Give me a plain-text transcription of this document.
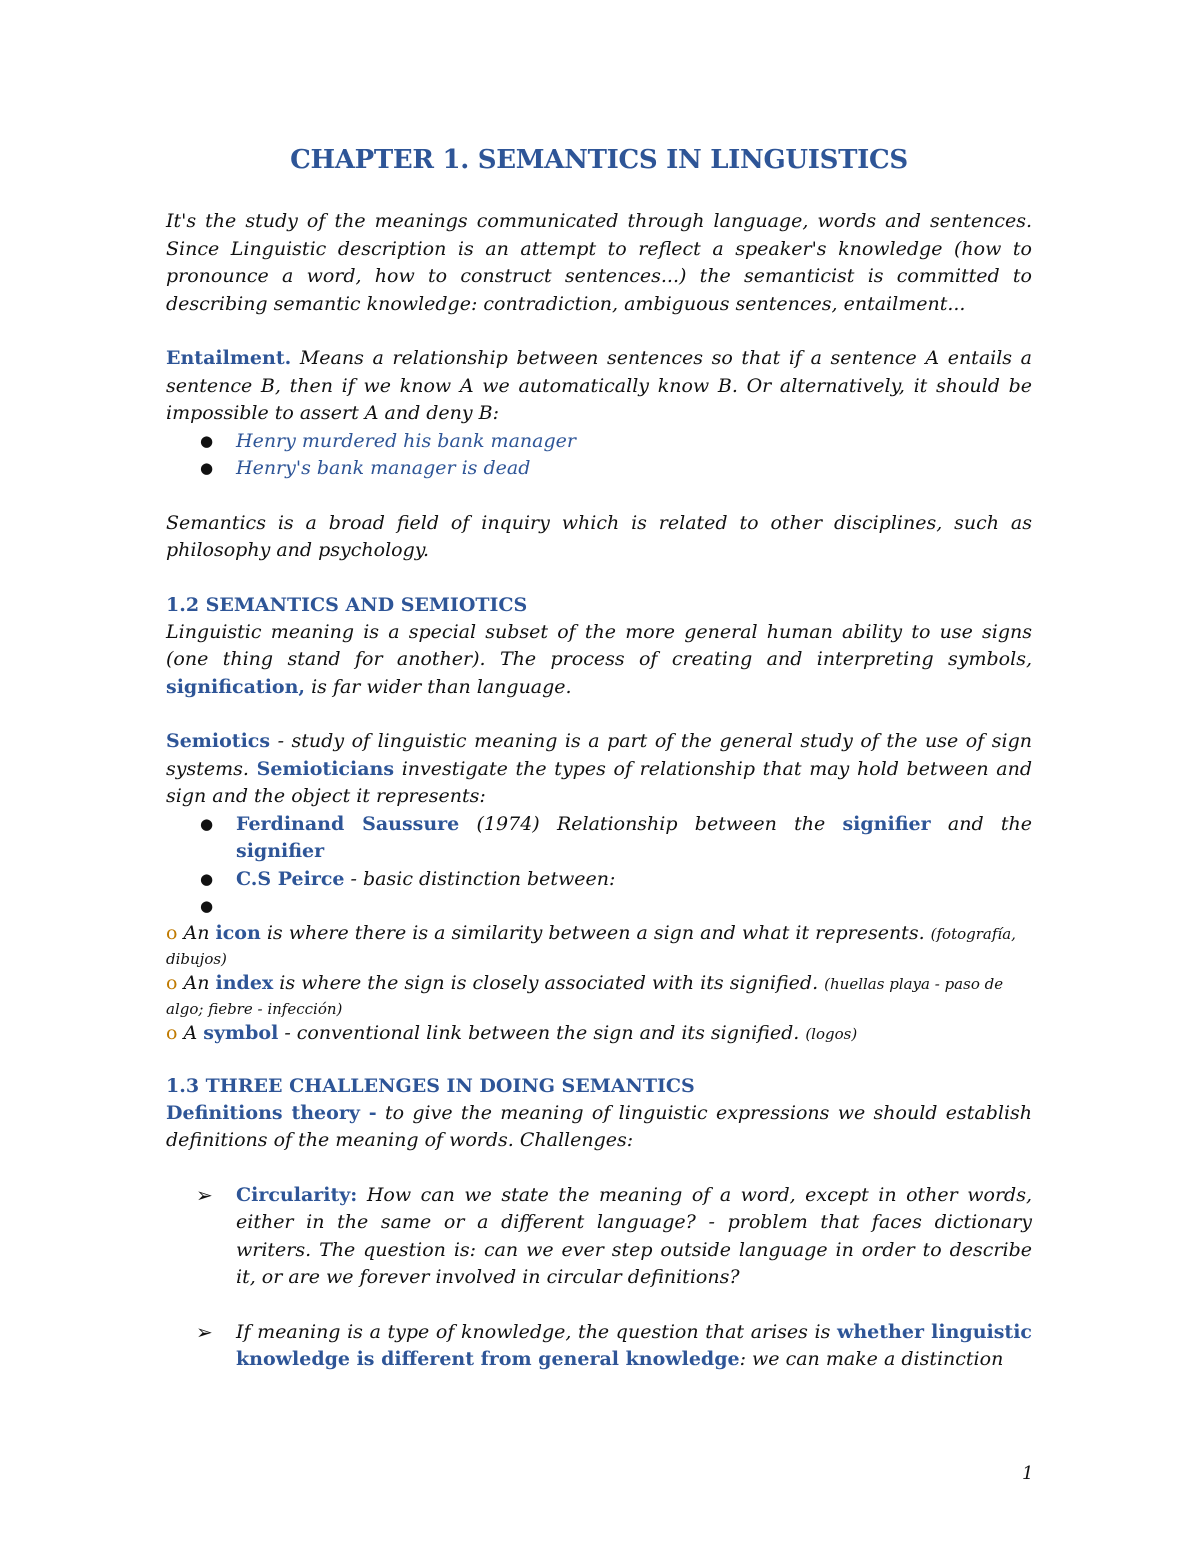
CHAPTER 1. SEMANTICS IN LINGUISTICS

It's the study of the meanings communicated through language, words and sentences. Since Linguistic description is an attempt to reflect a speaker's knowledge (how to pronounce a word, how to construct sentences...) the semanticist is committed to describing semantic knowledge: contradiction, ambiguous sentences, entailment...

Entailment. Means a relationship between sentences so that if a sentence A entails a sentence B, then if we know A we automatically know B. Or alternatively, it should be impossible to assert A and deny B:

● Henry murdered his bank manager
● Henry's bank manager is dead

Semantics is a broad field of inquiry which is related to other disciplines, such as philosophy and psychology.

1.2 SEMANTICS AND SEMIOTICS

Linguistic meaning is a special subset of the more general human ability to use signs (one thing stand for another). The process of creating and interpreting symbols, signification, is far wider than language.

Semiotics - study of linguistic meaning is a part of the general study of the use of sign systems. Semioticians investigate the types of relationship that may hold between and sign and the object it represents:

● Ferdinand Saussure (1974) Relationship between the signifier and the signifier
● C.S Peirce - basic distinction between:
●

o An icon is where there is a similarity between a sign and what it represents. (fotografía, dibujos)
o An index is where the sign is closely associated with its signified. (huellas playa - paso de algo; fiebre - infección)
o A symbol - conventional link between the sign and its signified. (logos)
1.3 THREE CHALLENGES IN DOING SEMANTICS

Definitions theory - to give the meaning of linguistic expressions we should establish definitions of the meaning of words. Challenges:

➢ Circularity: How can we state the meaning of a word, except in other words, either in the same or a different language? - problem that faces dictionary writers. The question is: can we ever step outside language in order to describe it, or are we forever involved in circular definitions?
➢ If meaning is a type of knowledge, the question that arises is whether linguistic knowledge is different from general knowledge: we can make a distinction
1
